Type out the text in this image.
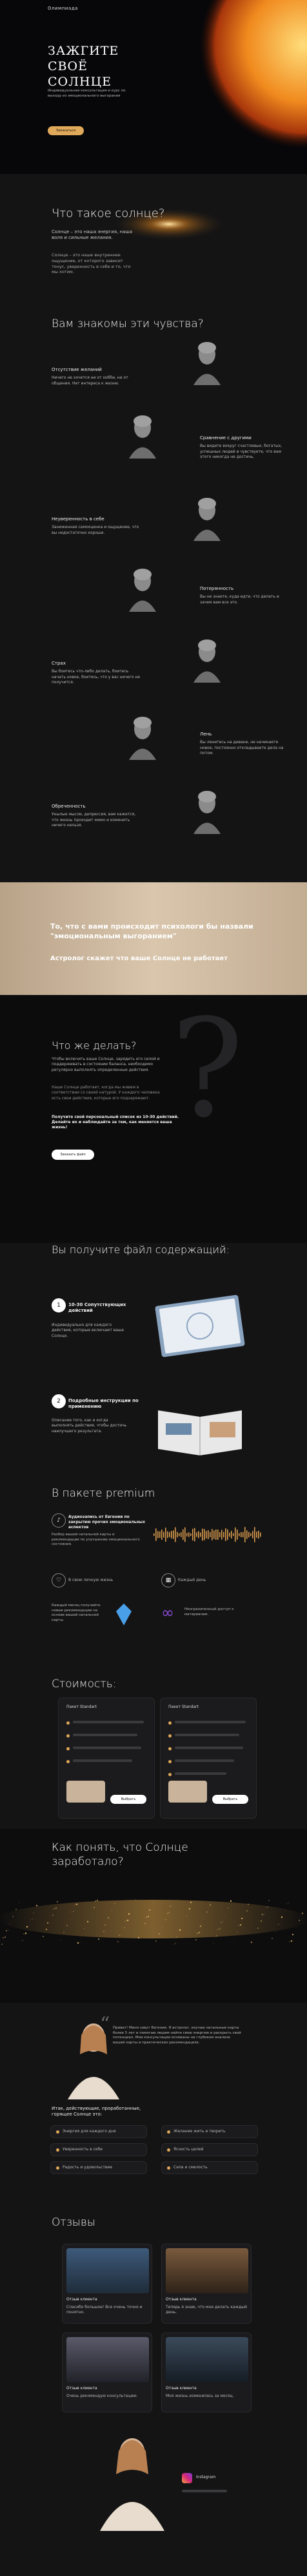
Олимпиада
ЗАЖГИТЕ СВОЁ СОЛНЦЕ
Индивидуальная консультация и курс по выходу из эмоционального выгорания
Записаться
Что такое солнце?
Солнце – это наша энергия, наша воля и сильные желания.
Солнце – это наше внутреннее ощущение, от которого зависит тонус, уверенность в себе и то, что мы хотим.
Вам знакомы эти чувства?
Отсутствие желаний
Ничего не хочется ни от хобби, ни от общения. Нет интереса к жизни.
Сравнение с другими
Вы видите вокруг счастливых, богатых, успешных людей и чувствуете, что вам этого никогда не достичь.
Неуверенность в себе
Заниженная самооценка и ощущение, что вы недостаточно хороши.
Потерянность
Вы не знаете, куда идти, что делать и зачем вам все это.
Страх
Вы боитесь что-либо делать, боитесь начать новое, боитесь, что у вас ничего не получится.
Лень
Вы ленитесь на диване, не начинаете новое, постоянно откладываете дела на потом.
Обреченность
Унылые мысли, депрессия, вам кажется, что жизнь проходит мимо и изменить ничего нельзя.
То, что с вами происходит психологи бы назвали "эмоциональным выгоранием"
Астролог скажет что ваше Солнце не работает
?
Что же делать?
Чтобы включить ваше Солнце, зарядить его силой и поддерживать в состоянии баланса, необходимо регулярно выполнять определенные действия.
Наше Солнце работает, когда мы живем в соответствии со своей натурой. У каждого человека есть свои действия, которые его подзаряжают.
Получите свой персональный список из 10-30 действий. Делайте их и наблюдайте за тем, как меняется ваша жизнь!
Заказать файл
Вы получите файл содержащий:
1	10-30 Сопутствующих действий
Индивидуально для каждого действия, которые включают ваше Солнце.
2	Подробные инструкции по применению
Описание того, как и когда выполнять действия, чтобы достичь наилучшего результата.
В пакете premium
♪
Аудиозапись от Евгении по закрытию прочих эмоциональных аспектов
Разбор вашей натальной карты и рекомендации по улучшению эмоционального состояния.
♡	В свою личную жизнь	▦	Каждый день
Каждый месяц получайте новые рекомендации на основе вашей натальной карты.	∞	Неограниченный доступ к материалам.
Стоимость:
Пакет Standart
Выбрать
Пакет Standart
Выбрать
Как понять, что Солнце заработало?
“ Привет! Меня зовут Евгения. Я астролог, изучаю натальные карты более 5 лет и помогаю людям найти свою энергию и раскрыть свой потенциал. Мои консультации основаны на глубоком анализе вашей карты и практических рекомендациях.
Итак, действующие, проработанные, горящее Солнце это:
Энергия для каждого дня	Желание жить и творить
Уверенность в себе	Ясность целей
Радость и удовольствие	Сила и смелость
Отзывы
Отзыв клиента
Спасибо большое! Все очень точно и понятно.
Отзыв клиента
Теперь я знаю, что мне делать каждый день.
Отзыв клиента
Очень рекомендую консультацию.
Отзыв клиента
Моя жизнь изменилась за месяц.
Instagram
